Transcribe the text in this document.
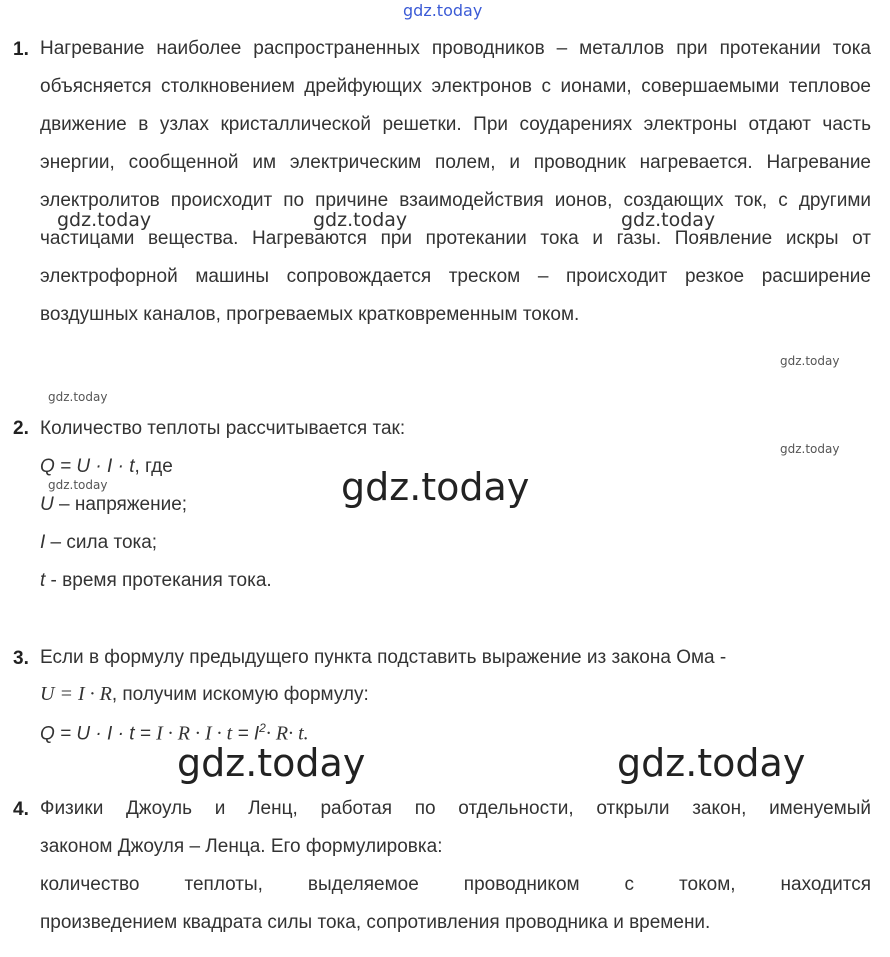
gdz.today
gdz.today	gdz.today	gdz.today
gdz.today
gdz.today
gdz.today
gdz.today	gdz.today
gdz.today	gdz.today
1. Нагревание наиболее распространенных проводников – металлов при протекании тока объясняется столкновением дрейфующих электронов с ионами, совершаемыми тепловое движение в узлах кристаллической решетки. При соударениях электроны отдают часть энергии, сообщенной им электрическим полем, и проводник нагревается. Нагревание электролитов происходит по причине взаимодействия ионов, создающих ток, с другими частицами вещества. Нагреваются при протекании тока и газы. Появление искры от электрофорной машины сопровождается треском – происходит резкое расширение воздушных каналов, прогреваемых кратковременным током.
2. Количество теплоты рассчитывается так:
Q = U · I · t, где
U – напряжение;
I – сила тока;
t - время протекания тока.
3. Если в формулу предыдущего пункта подставить выражение из закона Ома -
U = I · R, получим искомую формулу:
$Q = U \cdot I \cdot t = I \cdot R \cdot I \cdot t = I^2\cdot R\cdot t$.
4. Физики Джоуль и Ленц, работая по отдельности, открыли закон, именуемый
законом Джоуля – Ленца. Его формулировка:
количество теплоты, выделяемое проводником с током, находится
произведением квадрата силы тока, сопротивления проводника и времени.
